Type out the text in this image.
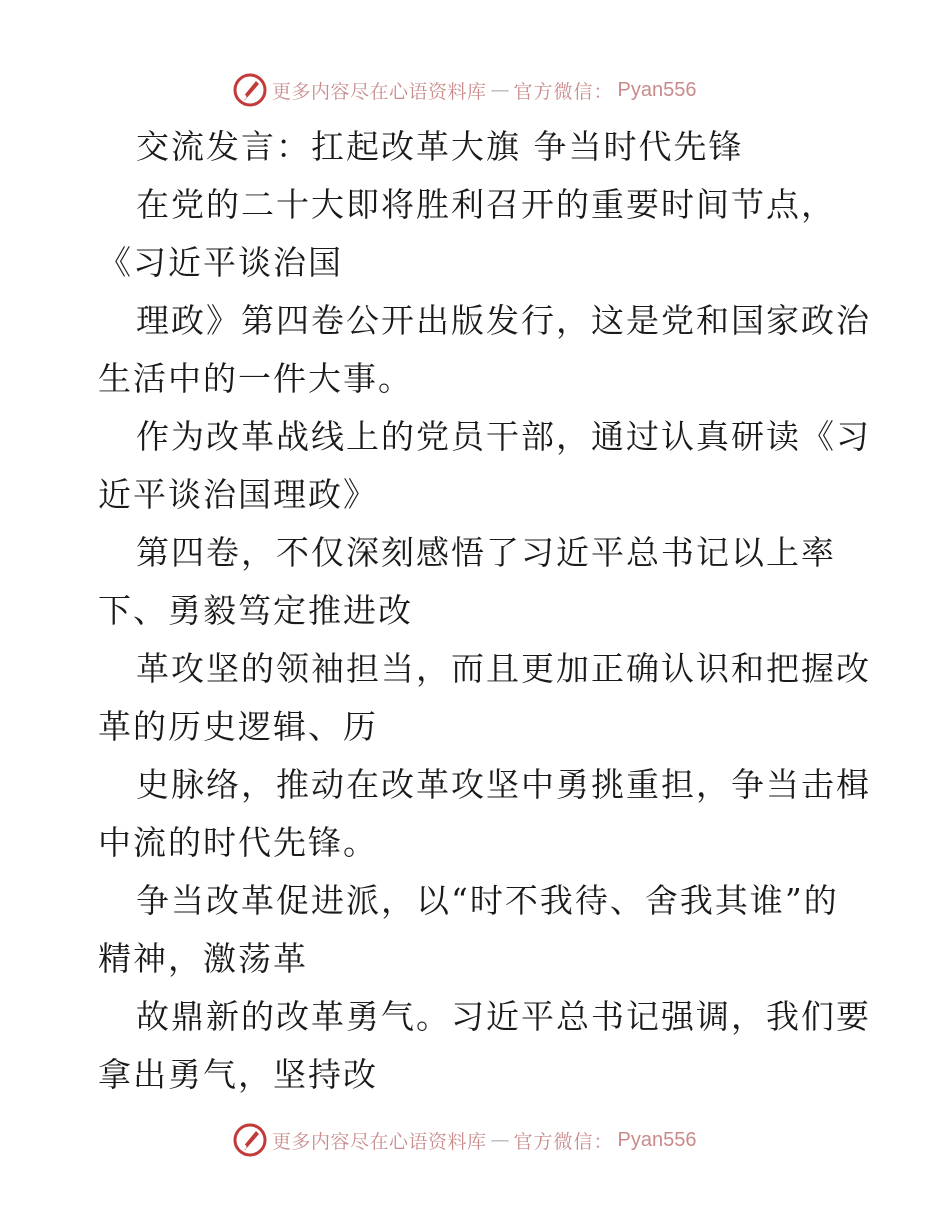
更多内容尽在心语资料库 — 官方微信： Pyan556
交流发言：扛起改革大旗 争当时代先锋
在党的二十大即将胜利召开的重要时间节点，
《习近平谈治国
理政》第四卷公开出版发行，这是党和国家政治
生活中的一件大事。
作为改革战线上的党员干部，通过认真研读《习
近平谈治国理政》
第四卷，不仅深刻感悟了习近平总书记以上率
下、勇毅笃定推进改
革攻坚的领袖担当，而且更加正确认识和把握改
革的历史逻辑、历
史脉络，推动在改革攻坚中勇挑重担，争当击楫
中流的时代先锋。
争当改革促进派，以“时不我待、舍我其谁”的
精神，激荡革
故鼎新的改革勇气。习近平总书记强调，我们要
拿出勇气，坚持改
更多内容尽在心语资料库 — 官方微信： Pyan556
